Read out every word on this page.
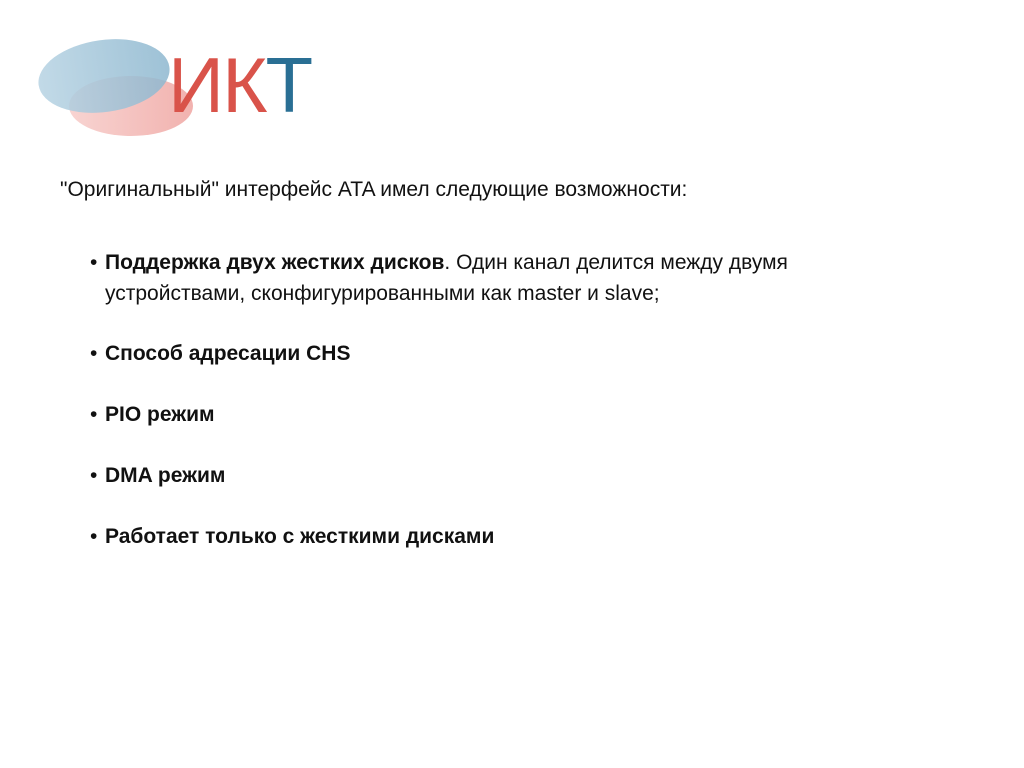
ИКТ
"Оригинальный" интерфейс ATA имел следующие возможности:
• Поддержка двух жестких дисков. Один канал делится между двумя устройствами, сконфигурированными как master и slave;
• Способ адресации CHS
• PIO режим
• DMA режим
• Работает только с жесткими дисками
